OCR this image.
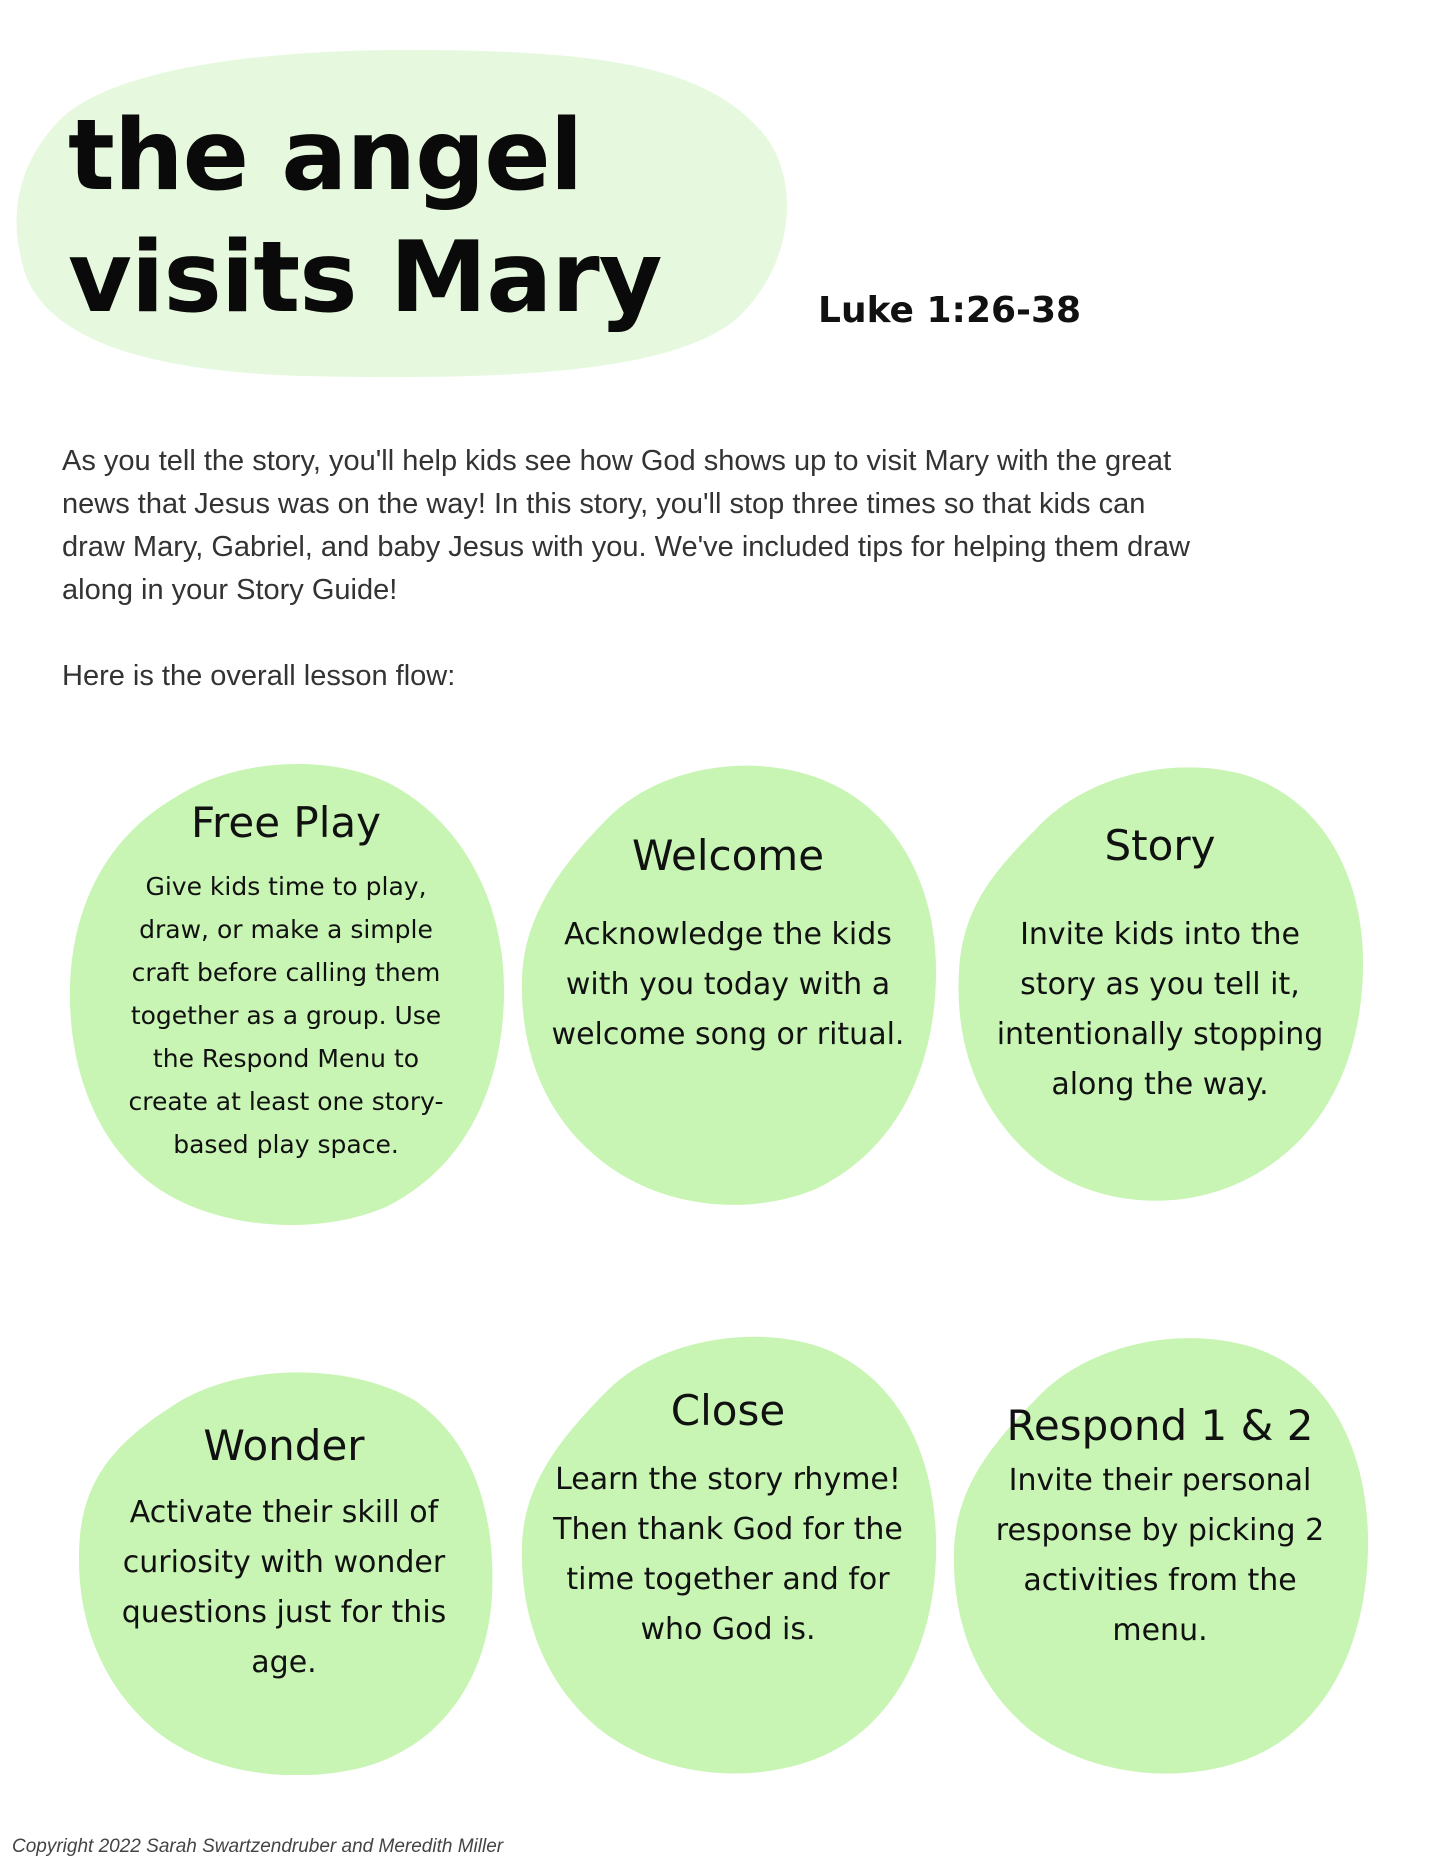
the angel
visits Mary	Luke 1:26-38

As you tell the story, you'll help kids see how God shows up to visit Mary with the great news that Jesus was on the way! In this story, you'll stop three times so that kids can draw Mary, Gabriel, and baby Jesus with you. We've included tips for helping them draw along in your Story Guide!

Here is the overall lesson flow:

Free Play

Give kids time to play, draw, or make a simple craft before calling them together as a group. Use the Respond Menu to create at least one story-based play space.

Welcome

Acknowledge the kids with you today with a welcome song or ritual.

Story

Invite kids into the story as you tell it, intentionally stopping along the way.

Wonder

Activate their skill of curiosity with wonder questions just for this age.

Close

Learn the story rhyme! Then thank God for the time together and for who God is.

Respond 1 & 2

Invite their personal response by picking 2 activities from the menu.

Copyright 2022 Sarah Swartzendruber and Meredith Miller
